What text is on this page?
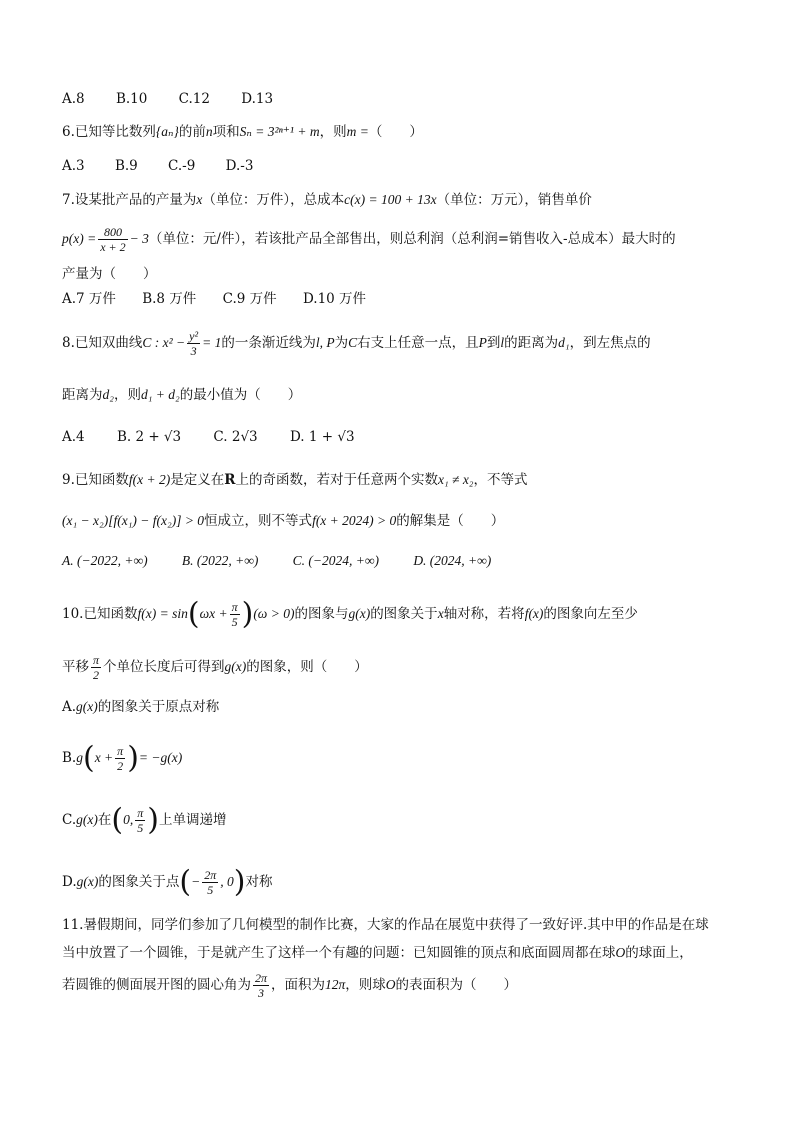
A.8 B.10 C.12 D.13
6.已知等比数列{aₙ}的前n项和Sₙ = 3²ⁿ⁺¹ + m，则m =（　　）
A.3 B.9 C.-9 D.-3
7.设某批产品的产量为x（单位：万件），总成本c(x) = 100 + 13x（单位：万元），销售单价
$p(x) = \frac{800}{x + 2} - 3$（单位：元/件），若该批产品全部售出，则总利润（总利润=销售收入-总成本）最大时的
产量为（　　）
A.7 万件 B.8 万件 C.9 万件 D.10 万件
8.已知双曲线C : $x^2 - \frac{\text{y²}}{3} = 1$的一条渐近线为l, P为C右支上任意一点，且P到l的距离为d₁，到左焦点的
距离为d₂，则d₁ + d₂的最小值为（　　）
A.4 B. 2 + √3 C. 2√3 D. 1 + √3
9.已知函数f(x + 2)是定义在R上的奇函数，若对于任意两个实数x₁ ≠ x₂，不等式
(x₁ − x₂)[f(x₁) − f(x₂)] > 0恒成立，则不等式f(x + 2024) > 0的解集是（　　）
A. (−2022, +∞)	B. (2022, +∞)	C. (−2024, +∞)	D. (2024, +∞)
10.已知函数$f(x) = \sin(\omega x + \frac{\pi}{5} )(\omega > 0)$的图象与g(x)的图象关于x轴对称，若将f(x)的图象向左至少
平移 $\frac{\pi}{2}$ 个单位长度后可得到g(x)的图象，则（　　）
A.g(x)的图象关于原点对称
$B.g(x + \frac{\pi}{2}$ )= −g(x)
C.g(x)在(0, $\frac{\pi}{5}$ )上单调递增
D.g(x)的图象关于点(− $\frac{2\pi}{5}$ , 0)对称
11.暑假期间，同学们参加了几何模型的制作比赛，大家的作品在展览中获得了一致好评.其中甲的作品是在球
当中放置了一个圆锥，于是就产生了这样一个有趣的问题：已知圆锥的顶点和底面圆周都在球O的球面上，
若圆锥的侧面展开图的圆心角为 $\frac{2\pi}{3}$ ，面积为12π，则球O的表面积为（　　）
